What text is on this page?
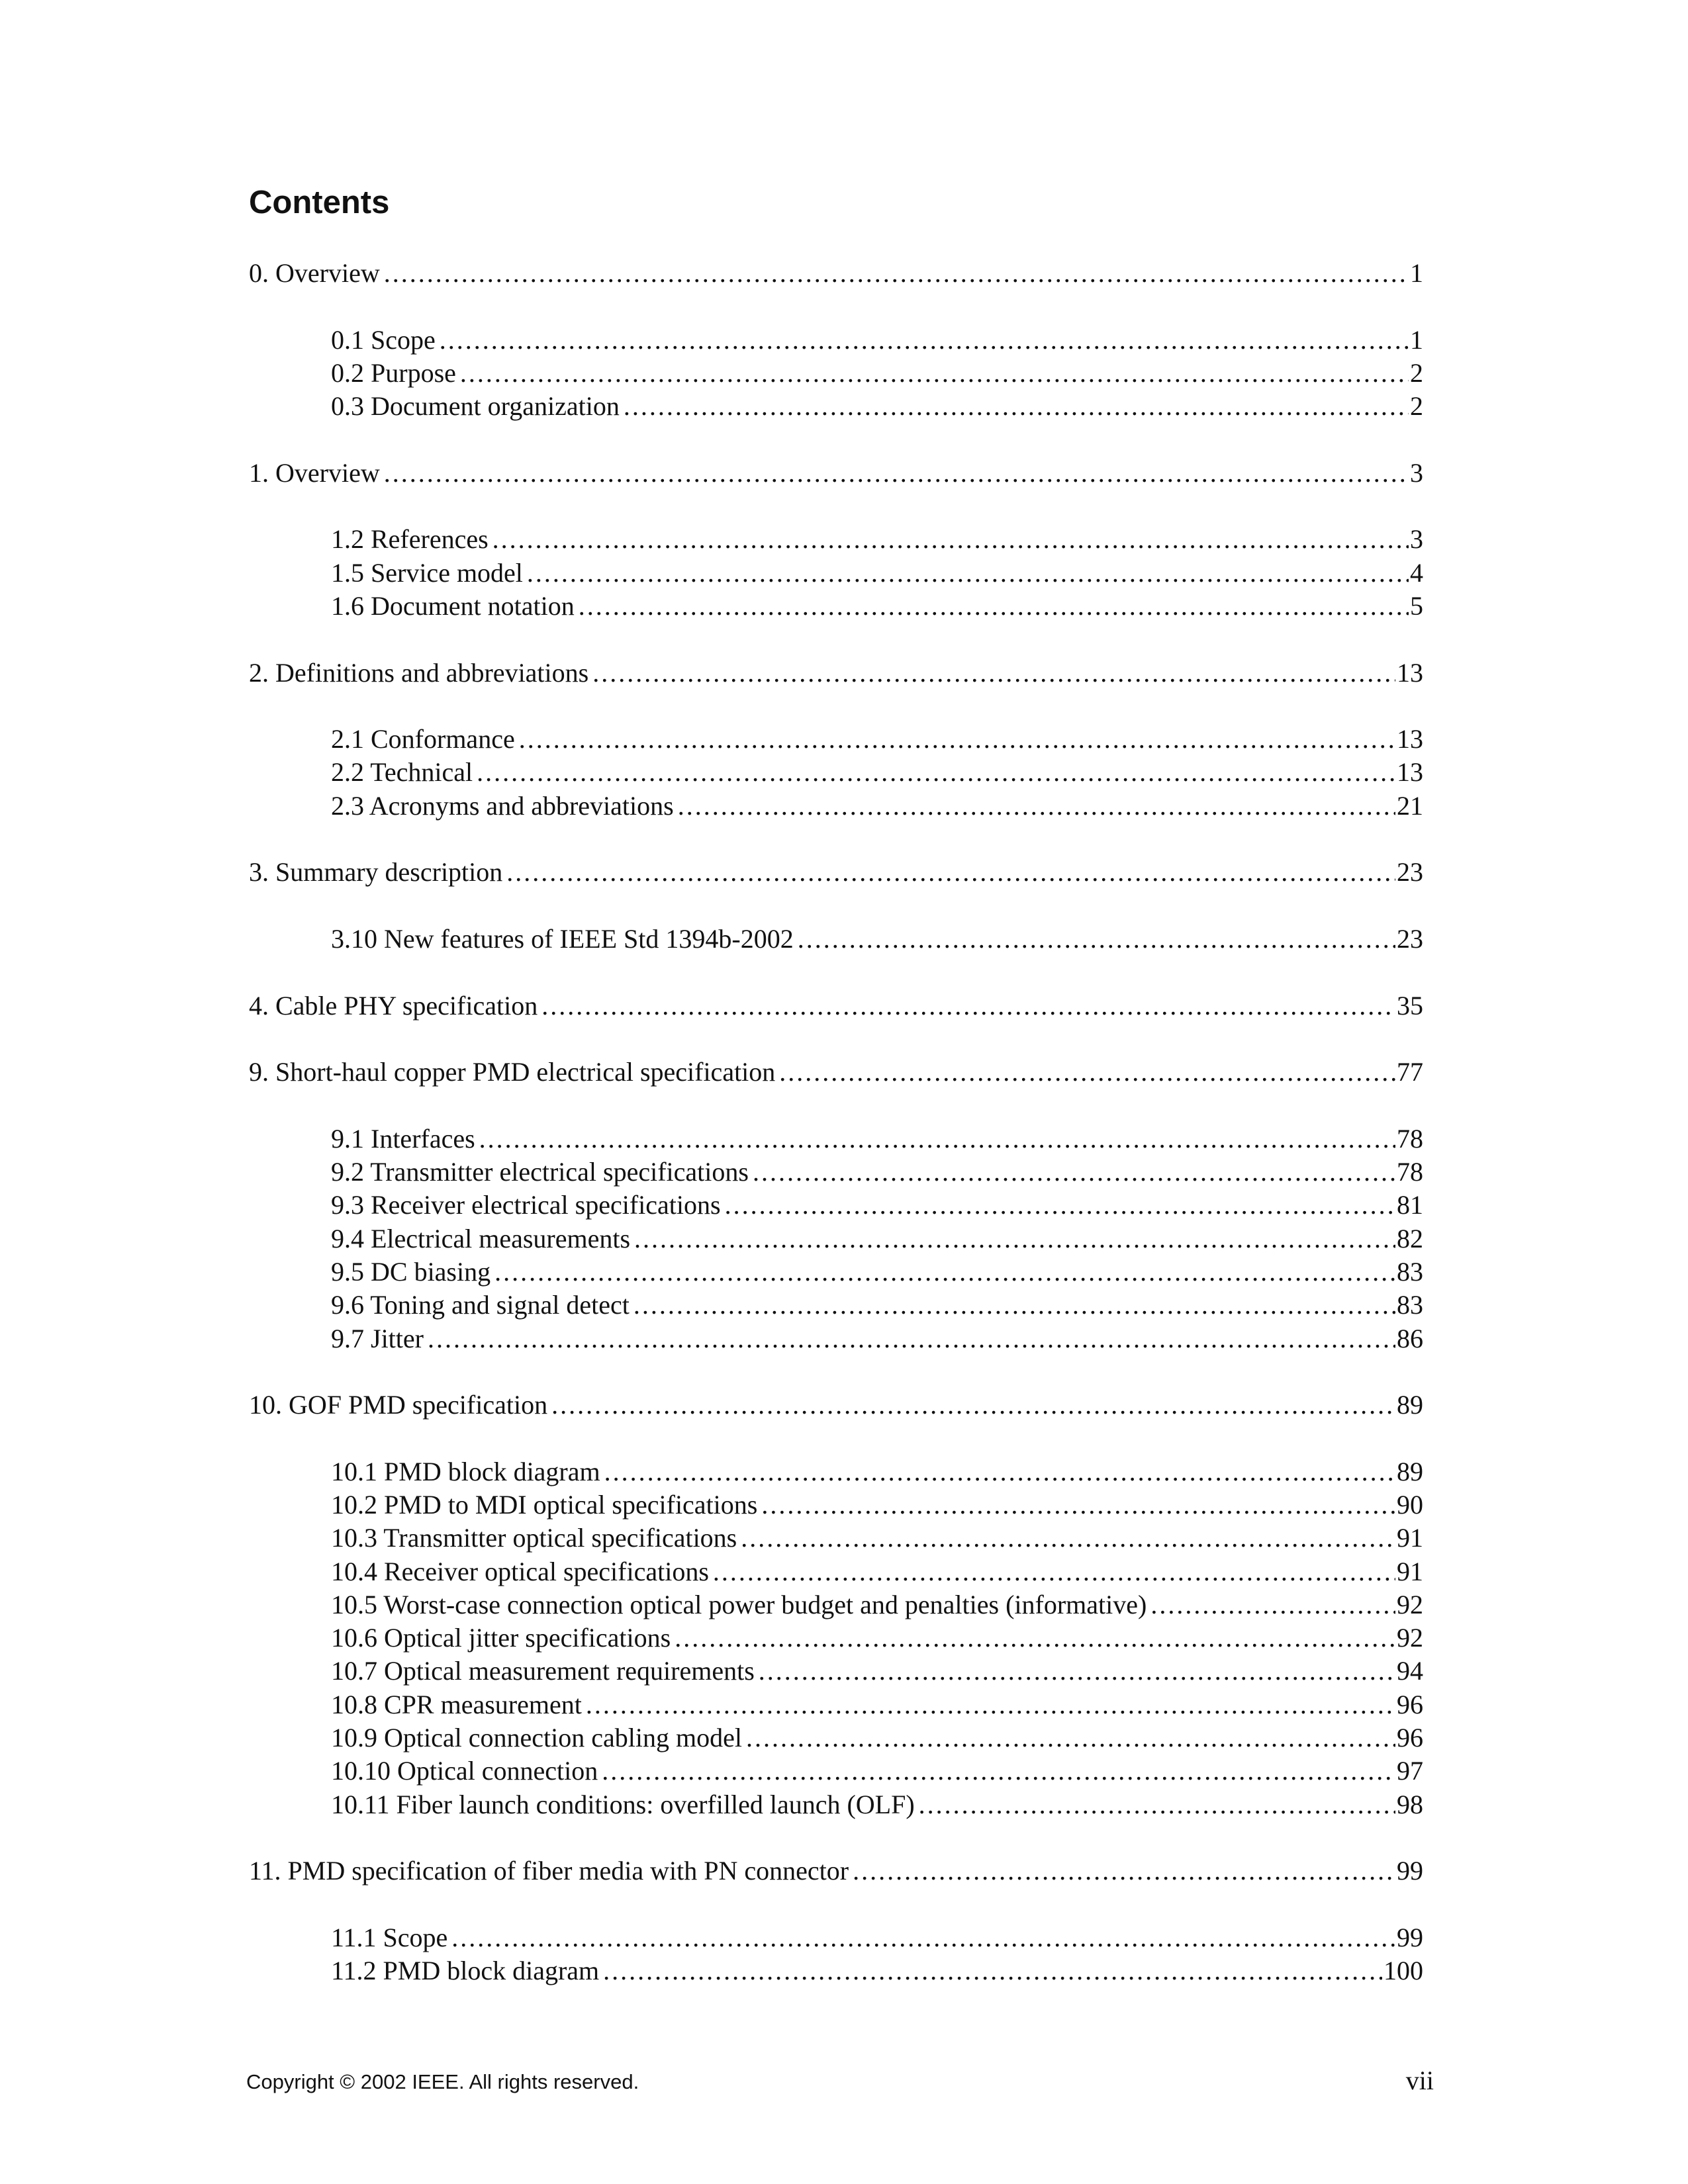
Contents
0. Overview .....	1
0.1 Scope .....	1
0.2 Purpose .....	2
0.3 Document organization .....	2
1. Overview .....	3
1.2 References .....	3
1.5 Service model .....	4
1.6 Document notation .....	5
2. Definitions and abbreviations .....	13
2.1 Conformance .....	13
2.2 Technical .....	13
2.3 Acronyms and abbreviations .....	21
3. Summary description .....	23
3.10 New features of IEEE Std 1394b-2002 .....	23
4. Cable PHY specification .....	35
9. Short-haul copper PMD electrical specification .....	77
9.1 Interfaces .....	78
9.2 Transmitter electrical specifications .....	78
9.3 Receiver electrical specifications .....	81
9.4 Electrical measurements .....	82
9.5 DC biasing .....	83
9.6 Toning and signal detect .....	83
9.7 Jitter .....	86
10. GOF PMD specification .....	89
10.1 PMD block diagram .....	89
10.2 PMD to MDI optical specifications .....	90
10.3 Transmitter optical specifications .....	91
10.4 Receiver optical specifications .....	91
10.5 Worst-case connection optical power budget and penalties (informative) .....	92
10.6 Optical jitter specifications .....	92
10.7 Optical measurement requirements .....	94
10.8 CPR measurement .....	96
10.9 Optical connection cabling model .....	96
10.10 Optical connection .....	97
10.11 Fiber launch conditions: overfilled launch (OLF) .....	98
11. PMD specification of fiber media with PN connector .....	99
11.1 Scope .....	99
11.2 PMD block diagram .....	100
Copyright © 2002 IEEE. All rights reserved.	vii
